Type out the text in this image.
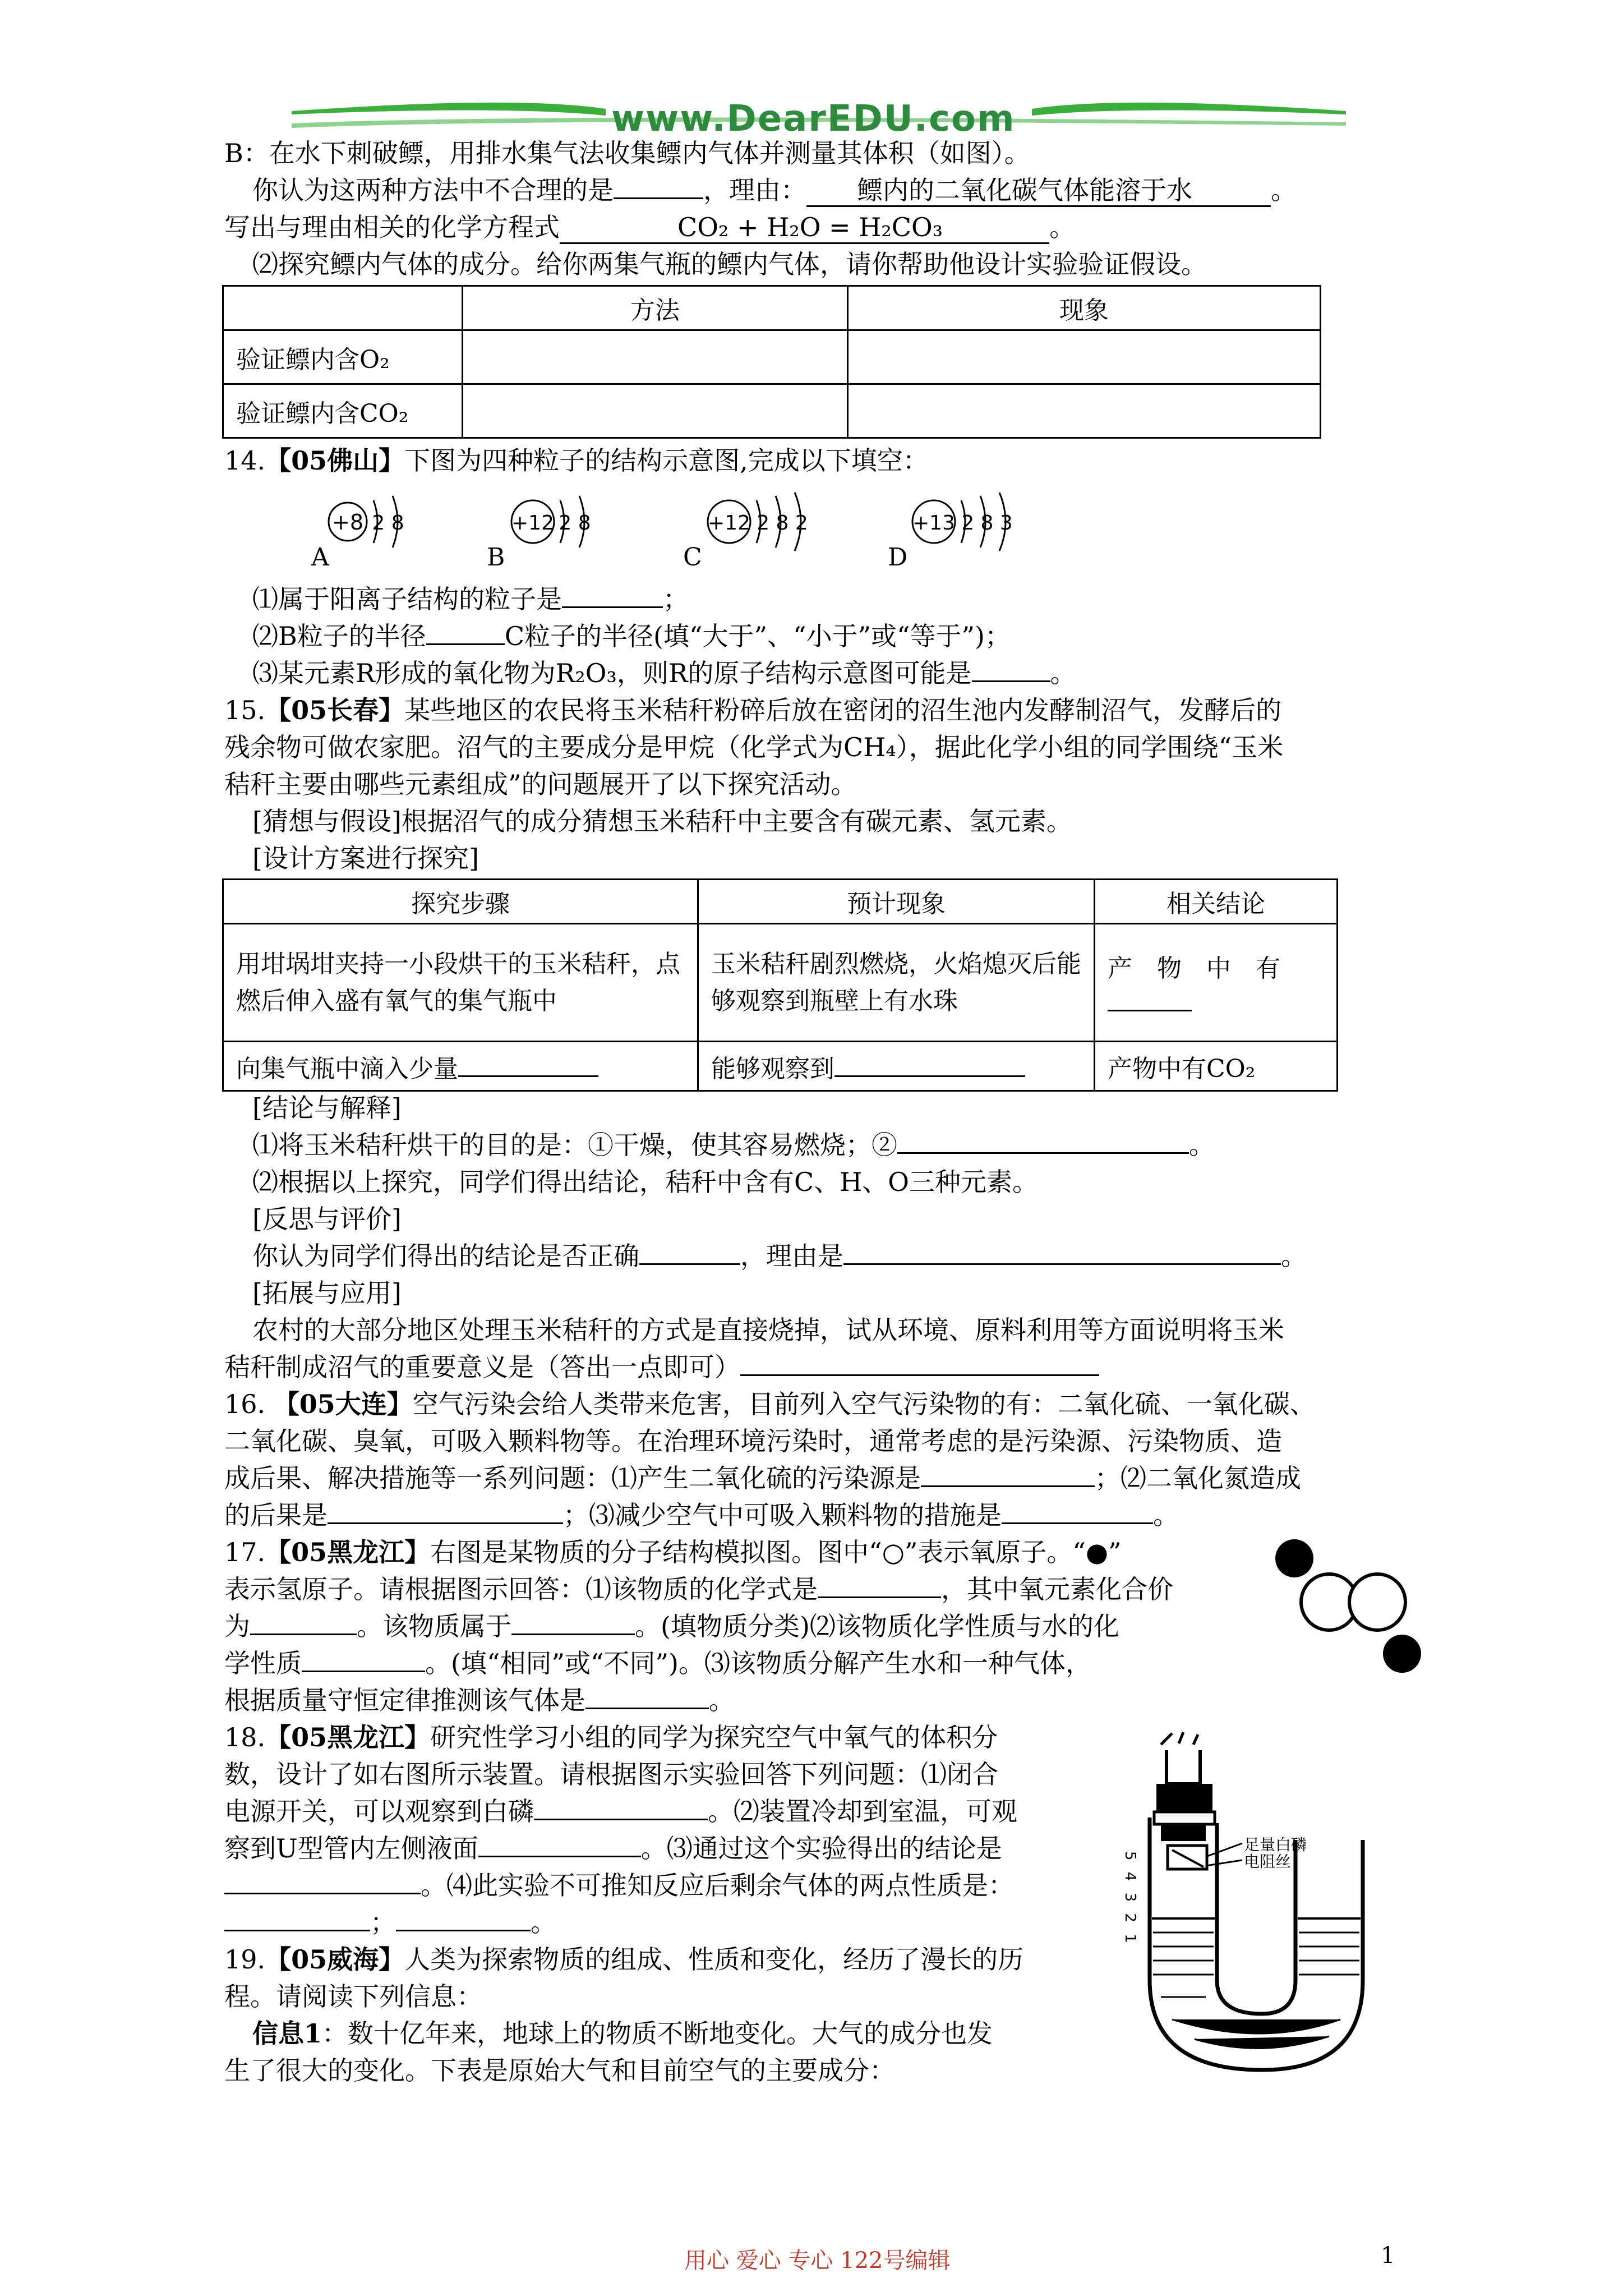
www.DearEDU.com
B：在水下刺破鳔，用排水集气法收集鳔内气体并测量其体积（如图）。
你认为这两种方法中不合理的是	，理由： 鳔内的二氧化碳气体能溶于水	。
写出与理由相关的化学方程式	CO₂ + H₂O = H₂CO₃	。
⑵探究鳔内气体的成分。给你两集气瓶的鳔内气体，请你帮助他设计实验验证假设。
	方法	现象
验证鳔内含O₂		
验证鳔内含CO₂		
14.【05佛山】下图为四种粒子的结构示意图,完成以下填空：
+8 2 8
A
+12 2 8
B
+12 2 8 2
C
+13 2 8 3
D
⑴属于阳离子结构的粒子是	；
⑵B粒子的半径	C粒子的半径(填“大于”、“小于”或“等于”)；
⑶某元素R形成的氧化物为R₂O₃，则R的原子结构示意图可能是	。
15.【05长春】某些地区的农民将玉米秸秆粉碎后放在密闭的沼生池内发酵制沼气，发酵后的
残余物可做农家肥。沼气的主要成分是甲烷（化学式为CH₄），据此化学小组的同学围绕“玉米
秸秆主要由哪些元素组成”的问题展开了以下探究活动。
[猜想与假设]根据沼气的成分猜想玉米秸秆中主要含有碳元素、氢元素。
[设计方案进行探究]
探究步骤	预计现象	相关结论
用坩埚坩夹持一小段烘干的玉米秸秆，点燃后伸入盛有氧气的集气瓶中	玉米秸秆剧烈燃烧，火焰熄灭后能够观察到瓶壁上有水珠	产　物　中　有

向集气瓶中滴入少量	能够观察到	产物中有CO₂
[结论与解释]
⑴将玉米秸秆烘干的目的是：①干燥，使其容易燃烧；②	。
⑵根据以上探究，同学们得出结论，秸秆中含有C、H、O三种元素。
[反思与评价]
你认为同学们得出的结论是否正确	，理由是	。
[拓展与应用]
农村的大部分地区处理玉米秸秆的方式是直接烧掉，试从环境、原料利用等方面说明将玉米
秸秆制成沼气的重要意义是（答出一点即可）
16. 【05大连】空气污染会给人类带来危害，目前列入空气污染物的有：二氧化硫、一氧化碳、
二氧化碳、臭氧，可吸入颗料物等。在治理环境污染时，通常考虑的是污染源、污染物质、造
成后果、解决措施等一系列问题：⑴产生二氧化硫的污染源是	；⑵二氧化氮造成
的后果是	；⑶减少空气中可吸入颗料物的措施是	。
17.【05黑龙江】右图是某物质的分子结构模拟图。图中“○”表示氧原子。“●”
表示氢原子。请根据图示回答：⑴该物质的化学式是	，其中氧元素化合价
为	。该物质属于	。(填物质分类)⑵该物质化学性质与水的化
学性质	。(填“相同”或“不同”)。⑶该物质分解产生水和一种气体，
根据质量守恒定律推测该气体是	。
18.【05黑龙江】研究性学习小组的同学为探究空气中氧气的体积分
数，设计了如右图所示装置。请根据图示实验回答下列问题：⑴闭合
电源开关，可以观察到白磷	。⑵装置冷却到室温，可观
察到U型管内左侧液面	。⑶通过这个实验得出的结论是
。⑷此实验不可推知反应后剩余气体的两点性质是：
；	。	5 4 3 2 1
足量白磷
电阻丝
19.【05威海】人类为探索物质的组成、性质和变化，经历了漫长的历
程。请阅读下列信息：
信息1：数十亿年来，地球上的物质不断地变化。大气的成分也发
生了很大的变化。下表是原始大气和目前空气的主要成分：
用心 爱心 专心 122号编辑	1
